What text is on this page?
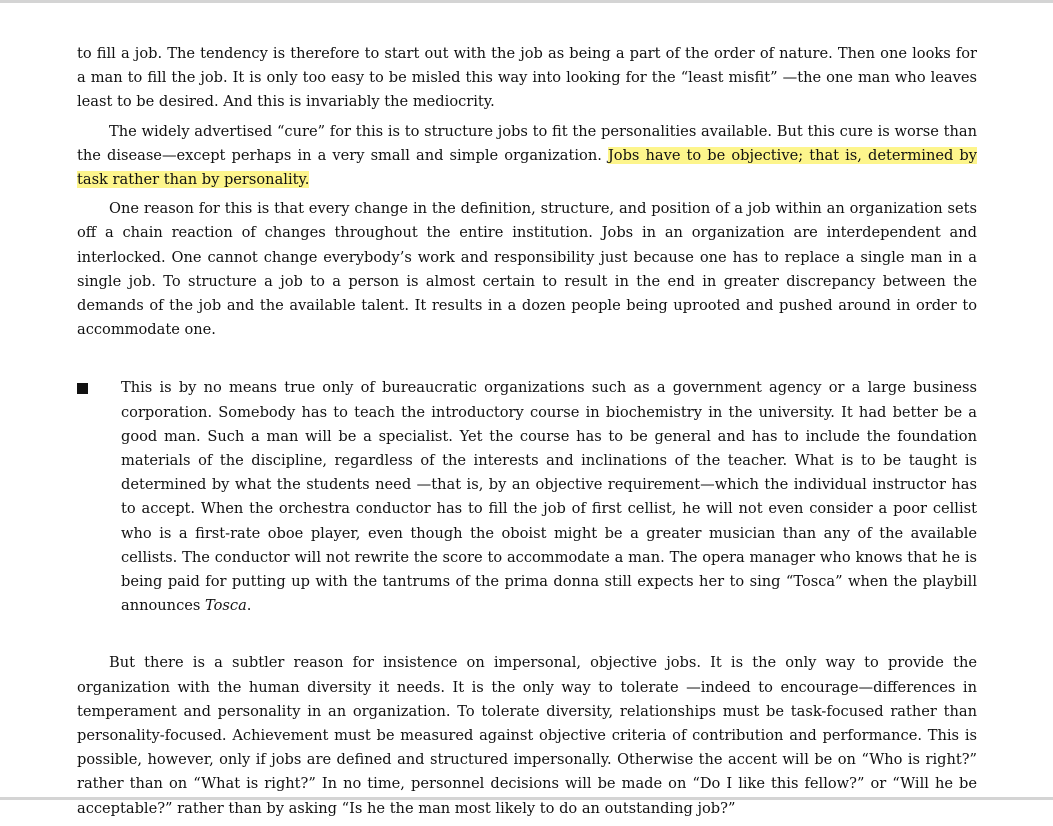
to fill a job. The tendency is therefore to start out with the job as being a part of the order of nature. Then one looks for a man to fill the job. It is only too easy to be misled this way into looking for the “least misfit” —the one man who leaves least to be desired. And this is invariably the mediocrity.

The widely advertised “cure” for this is to structure jobs to fit the personalities available. But this cure is worse than the disease—except perhaps in a very small and simple organization. Jobs have to be objective; that is, determined by task rather than by personality.

One reason for this is that every change in the definition, structure, and position of a job within an organization sets off a chain reaction of changes throughout the entire institution. Jobs in an organization are interdependent and interlocked. One cannot change everybody’s work and responsibility just because one has to replace a single man in a single job. To structure a job to a person is almost certain to result in the end in greater discrepancy between the demands of the job and the available talent. It results in a dozen people being uprooted and pushed around in order to accommodate one.

This is by no means true only of bureaucratic organizations such as a government agency or a large business corporation. Somebody has to teach the introductory course in biochemistry in the university. It had better be a good man. Such a man will be a specialist. Yet the course has to be general and has to include the foundation materials of the discipline, regardless of the interests and inclinations of the teacher. What is to be taught is determined by what the students need —that is, by an objective requirement—which the individual instructor has to accept. When the orchestra conductor has to fill the job of first cellist, he will not even consider a poor cellist who is a first-rate oboe player, even though the oboist might be a greater musician than any of the available cellists. The conductor will not rewrite the score to accommodate a man. The opera manager who knows that he is being paid for putting up with the tantrums of the prima donna still expects her to sing “Tosca” when the playbill announces Tosca.

But there is a subtler reason for insistence on impersonal, objective jobs. It is the only way to provide the organization with the human diversity it needs. It is the only way to tolerate —indeed to encourage—differences in temperament and personality in an organization. To tolerate diversity, relationships must be task-focused rather than personality-focused. Achievement must be measured against objective criteria of contribution and performance. This is possible, however, only if jobs are defined and structured impersonally. Otherwise the accent will be on “Who is right?” rather than on “What is right?” In no time, personnel decisions will be made on “Do I like this fellow?” or “Will he be acceptable?” rather than by asking “Is he the man most likely to do an outstanding job?”
